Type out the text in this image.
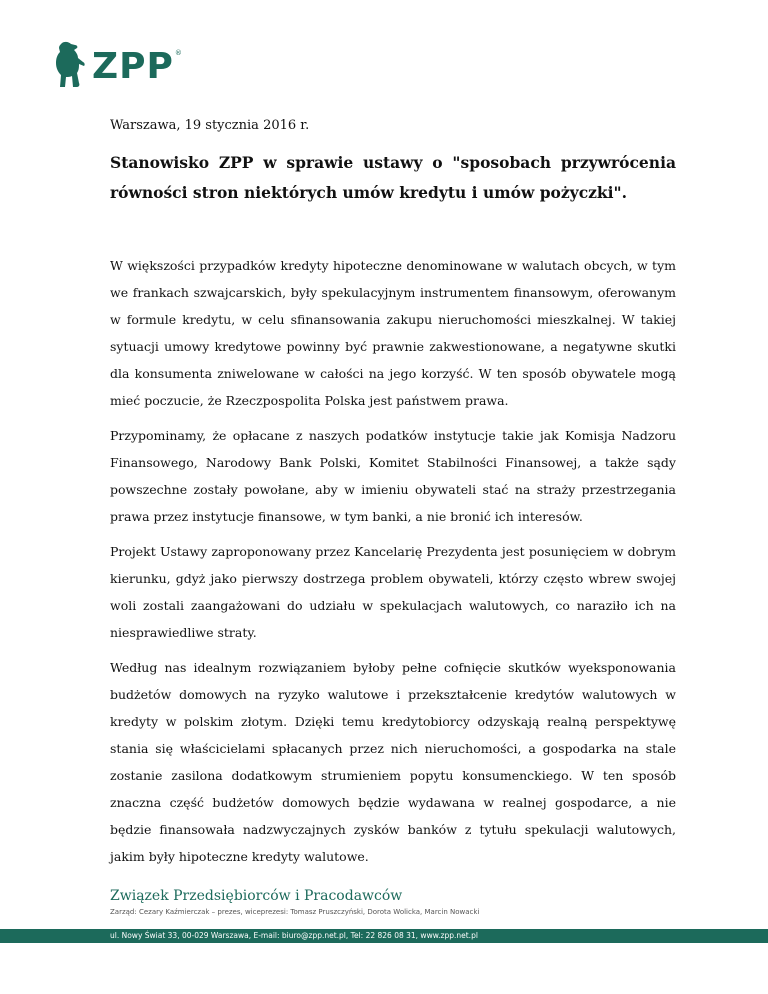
ZPP ®
Warszawa, 19 stycznia 2016 r.
Stanowisko ZPP w sprawie ustawy o "sposobach przywrócenia równości stron niektórych umów kredytu i umów pożyczki".

W większości przypadków kredyty hipoteczne denominowane w walutach obcych, w tym we frankach szwajcarskich, były spekulacyjnym instrumentem finansowym, oferowanym w formule kredytu, w celu sfinansowania zakupu nieruchomości mieszkalnej. W takiej sytuacji umowy kredytowe powinny być prawnie zakwestionowane, a negatywne skutki dla konsumenta zniwelowane w całości na jego korzyść. W ten sposób obywatele mogą mieć poczucie, że Rzeczpospolita Polska jest państwem prawa.

Przypominamy, że opłacane z naszych podatków instytucje takie jak Komisja Nadzoru Finansowego, Narodowy Bank Polski, Komitet Stabilności Finansowej, a także sądy powszechne zostały powołane, aby w imieniu obywateli stać na straży przestrzegania prawa przez instytucje finansowe, w tym banki, a nie bronić ich interesów.

Projekt Ustawy zaproponowany przez Kancelarię Prezydenta jest posunięciem w dobrym kierunku, gdyż jako pierwszy dostrzega problem obywateli, którzy często wbrew swojej woli zostali zaangażowani do udziału w spekulacjach walutowych, co naraziło ich na niesprawiedliwe straty.

Według nas idealnym rozwiązaniem byłoby pełne cofnięcie skutków wyeksponowania budżetów domowych na ryzyko walutowe i przekształcenie kredytów walutowych w kredyty w polskim złotym. Dzięki temu kredytobiorcy odzyskają realną perspektywę stania się właścicielami spłacanych przez nich nieruchomości, a gospodarka na stale zostanie zasilona dodatkowym strumieniem popytu konsumenckiego. W ten sposób znaczna część budżetów domowych będzie wydawana w realnej gospodarce, a nie będzie finansowała nadzwyczajnych zysków banków z tytułu spekulacji walutowych, jakim były hipoteczne kredyty walutowe.

Związek Przedsiębiorców i Pracodawców
Zarząd: Cezary Kaźmierczak – prezes, wiceprezesi: Tomasz Pruszczyński, Dorota Wolicka, Marcin Nowacki
ul. Nowy Świat 33, 00-029 Warszawa, E-mail: biuro@zpp.net.pl, Tel: 22 826 08 31, www.zpp.net.pl
